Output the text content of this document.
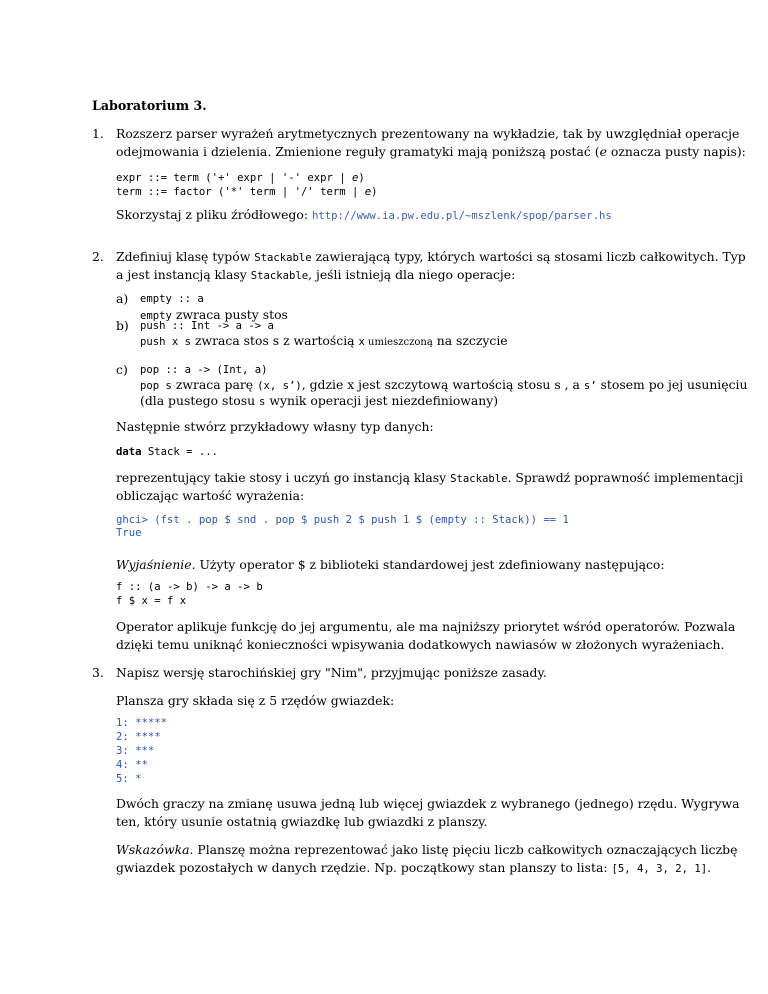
Laboratorium 3.
1. Rozszerz parser wyrażeń arytmetycznych prezentowany na wykładzie, tak by uwzględniał operacje
odejmowania i dzielenia. Zmienione reguły gramatyki mają poniższą postać (e oznacza pusty napis):
expr ::= term ('+' expr | '-' expr | e)
term ::= factor ('*' term | '/' term | e)
Skorzystaj z pliku źródłowego: http://www.ia.pw.edu.pl/~mszlenk/spop/parser.hs
2. Zdefiniuj klasę typów Stackable zawierającą typy, których wartości są stosami liczb całkowitych. Typ
a jest instancją klasy Stackable, jeśli istnieją dla niego operacje:
a) empty :: a
empty zwraca pusty stos
b) push :: Int -> a -> a
push x s zwraca stos s z wartością x umieszczoną na szczycie
c) pop :: a -> (Int, a)
pop s zwraca parę (x, s’), gdzie x jest szczytową wartością stosu s , a s’ stosem po jej usunięciu
(dla pustego stosu s wynik operacji jest niezdefiniowany)
Następnie stwórz przykładowy własny typ danych:
data Stack = ...
reprezentujący takie stosy i uczyń go instancją klasy Stackable. Sprawdź poprawność implementacji
obliczając wartość wyrażenia:
ghci> (fst . pop $ snd . pop $ push 2 $ push 1 $ (empty :: Stack)) == 1
True
Wyjaśnienie. Użyty operator $ z biblioteki standardowej jest zdefiniowany następująco:
f :: (a -> b) -> a -> b
f $ x = f x
Operator aplikuje funkcję do jej argumentu, ale ma najniższy priorytet wśród operatorów. Pozwala
dzięki temu uniknąć konieczności wpisywania dodatkowych nawiasów w złożonych wyrażeniach.
3. Napisz wersję starochińskiej gry "Nim", przyjmując poniższe zasady.
Plansza gry składa się z 5 rzędów gwiazdek:
1: *****
2: ****
3: ***
4: **
5: *
Dwóch graczy na zmianę usuwa jedną lub więcej gwiazdek z wybranego (jednego) rzędu. Wygrywa
ten, który usunie ostatnią gwiazdkę lub gwiazdki z planszy.
Wskazówka. Planszę można reprezentować jako listę pięciu liczb całkowitych oznaczających liczbę
gwiazdek pozostałych w danych rzędzie. Np. początkowy stan planszy to lista: [5, 4, 3, 2, 1].
